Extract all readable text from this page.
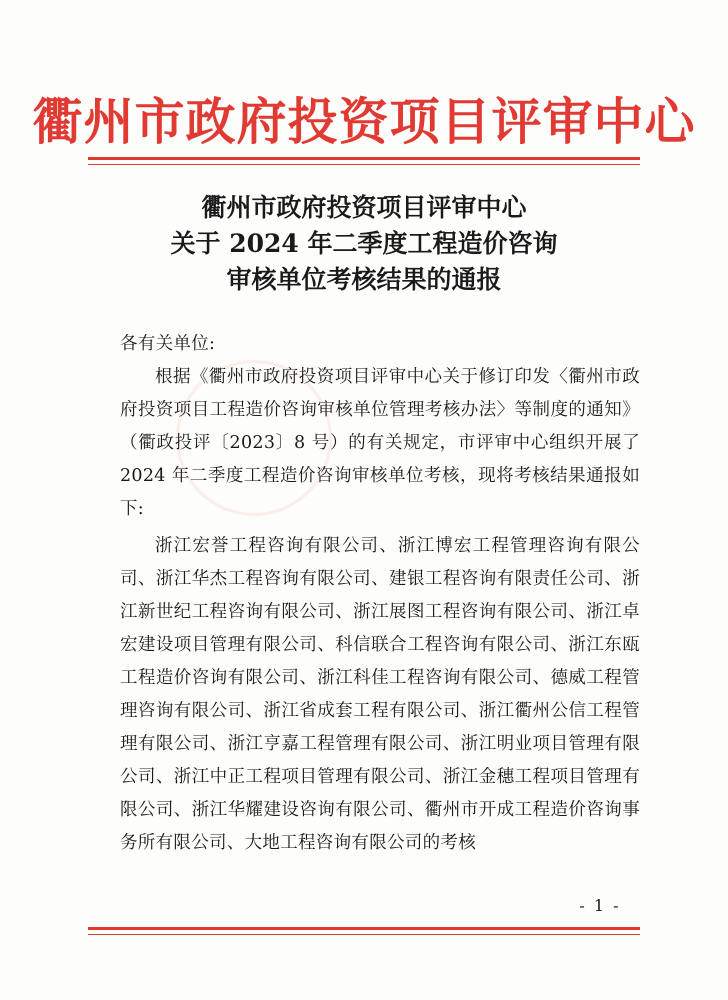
衢州市政府投资项目评审中心
衢州市政府投资项目评审中心
关于 2024 年二季度工程造价咨询
审核单位考核结果的通报

各有关单位:

根据《衢州市政府投资项目评审中心关于修订印发〈衢州市政府投资项目工程造价咨询审核单位管理考核办法〉等制度的通知》（衢政投评〔2023〕8 号）的有关规定，市评审中心组织开展了 2024 年二季度工程造价咨询审核单位考核，现将考核结果通报如下:

浙江宏誉工程咨询有限公司、浙江博宏工程管理咨询有限公司、浙江华杰工程咨询有限公司、建银工程咨询有限责任公司、浙江新世纪工程咨询有限公司、浙江展图工程咨询有限公司、浙江卓宏建设项目管理有限公司、科信联合工程咨询有限公司、浙江东瓯工程造价咨询有限公司、浙江科佳工程咨询有限公司、德威工程管理咨询有限公司、浙江省成套工程有限公司、浙江衢州公信工程管理有限公司、浙江亨嘉工程管理有限公司、浙江明业项目管理有限公司、浙江中正工程项目管理有限公司、浙江金穗工程项目管理有限公司、浙江华耀建设咨询有限公司、衢州市开成工程造价咨询事务所有限公司、大地工程咨询有限公司的考核

- 1 -
